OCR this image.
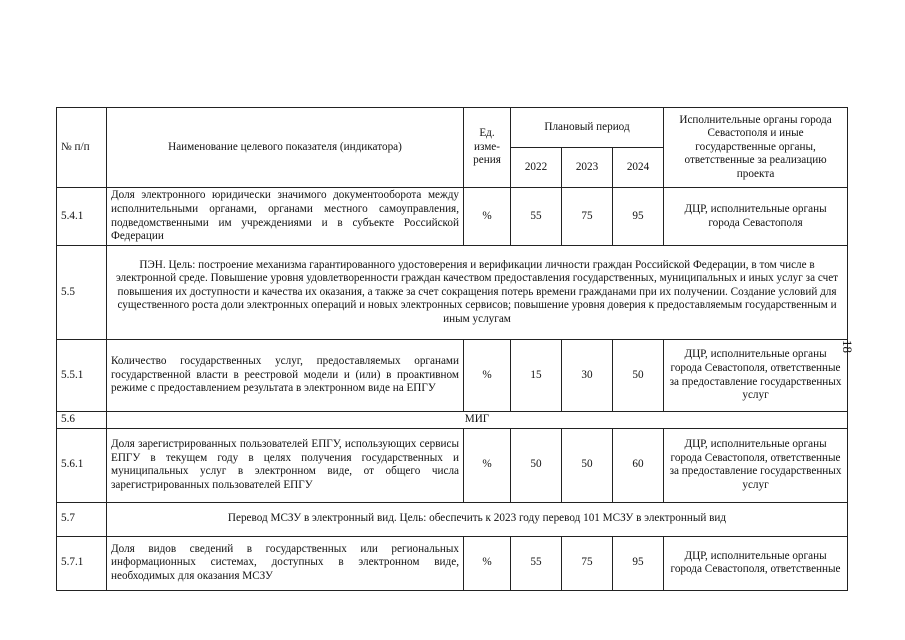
№ п/п	Наименование целевого показателя (индикатора)	Ед. изме-рения	Плановый период			Исполнительные органы города Севастополя и иные государственные органы, ответственные за реализацию проекта
			2022	2023	2024	
5.4.1	Доля электронного юридически значимого документооборота между исполнительными органами, органами местного самоуправления, подведомственными им учреждениями и в субъекте Российской Федерации	%	55	75	95	ДЦР, исполнительные органы города Севастополя
5.5	ПЭН. Цель: построение механизма гарантированного удостоверения и верификации личности граждан Российской Федерации, в том числе в электронной среде. Повышение уровня удовлетворенности граждан качеством предоставления государственных, муниципальных и иных услуг за счет повышения их доступности и качества их оказания, а также за счет сокращения потерь времени гражданами при их получении. Создание условий для существенного роста доли электронных операций и новых электронных сервисов; повышение уровня доверия к предоставляемым государственным и иным услугам					
5.5.1	Количество государственных услуг, предоставляемых органами государственной власти в реестровой модели и (или) в проактивном режиме с предоставлением результата в электронном виде на ЕПГУ	%	15	30	50	ДЦР, исполнительные органы города Севастополя, ответственные за предоставление государственных услуг
5.6	МИГ					
5.6.1	Доля зарегистрированных пользователей ЕПГУ, использующих сервисы ЕПГУ в текущем году в целях получения государственных и муниципальных услуг в электронном виде, от общего числа зарегистрированных пользователей ЕПГУ	%	50	50	60	ДЦР, исполнительные органы города Севастополя, ответственные за предоставление государственных услуг
5.7	Перевод МСЗУ в электронный вид. Цель: обеспечить к 2023 году перевод 101 МСЗУ в электронный вид					
5.7.1	Доля видов сведений в государственных или региональных информационных системах, доступных в электронном виде, необходимых для оказания МСЗУ	%	55	75	95	ДЦР, исполнительные органы города Севастополя, ответственные
18
